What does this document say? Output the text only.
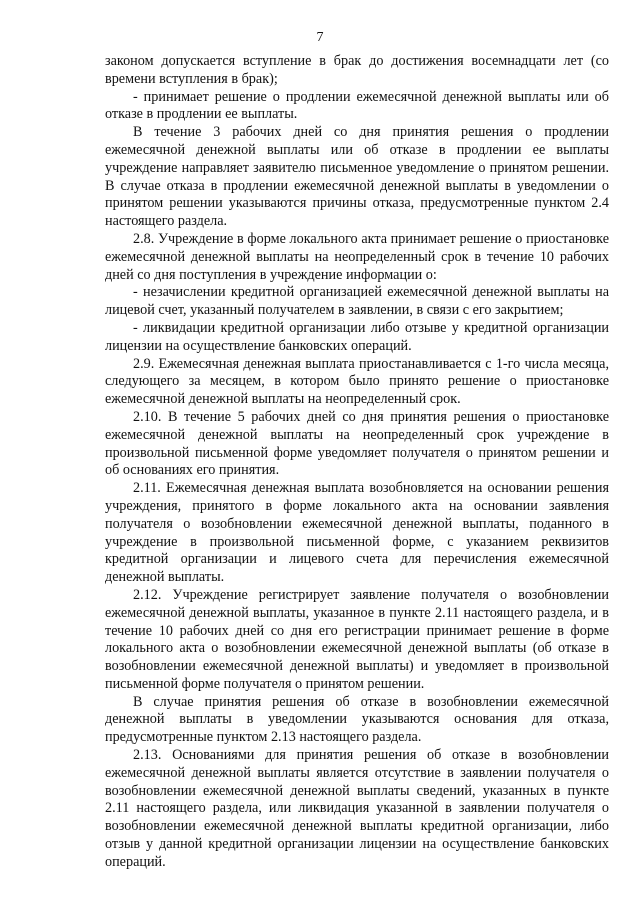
7

законом допускается вступление в брак до достижения восемнадцати лет (со времени вступления в брак);

- принимает решение о продлении ежемесячной денежной выплаты или об отказе в продлении ее выплаты.

В течение 3 рабочих дней со дня принятия решения о продлении ежемесячной денежной выплаты или об отказе в продлении ее выплаты учреждение направляет заявителю письменное уведомление о принятом решении. В случае отказа в продлении ежемесячной денежной выплаты в уведомлении о принятом решении указываются причины отказа, предусмотренные пунктом 2.4 настоящего раздела.

2.8. Учреждение в форме локального акта принимает решение о приостановке ежемесячной денежной выплаты на неопределенный срок в течение 10 рабочих дней со дня поступления в учреждение информации о:

- незачислении кредитной организацией ежемесячной денежной выплаты на лицевой счет, указанный получателем в заявлении, в связи с его закрытием;

- ликвидации кредитной организации либо отзыве у кредитной организации лицензии на осуществление банковских операций.

2.9. Ежемесячная денежная выплата приостанавливается с 1-го числа месяца, следующего за месяцем, в котором было принято решение о приостановке ежемесячной денежной выплаты на неопределенный срок.

2.10. В течение 5 рабочих дней со дня принятия решения о приостановке ежемесячной денежной выплаты на неопределенный срок учреждение в произвольной письменной форме уведомляет получателя о принятом решении и об основаниях его принятия.

2.11. Ежемесячная денежная выплата возобновляется на основании решения учреждения, принятого в форме локального акта на основании заявления получателя о возобновлении ежемесячной денежной выплаты, поданного в учреждение в произвольной письменной форме, с указанием реквизитов кредитной организации и лицевого счета для перечисления ежемесячной денежной выплаты.

2.12. Учреждение регистрирует заявление получателя о возобновлении ежемесячной денежной выплаты, указанное в пункте 2.11 настоящего раздела, и в течение 10 рабочих дней со дня его регистрации принимает решение в форме локального акта о возобновлении ежемесячной денежной выплаты (об отказе в возобновлении ежемесячной денежной выплаты) и уведомляет в произвольной письменной форме получателя о принятом решении.

В случае принятия решения об отказе в возобновлении ежемесячной денежной выплаты в уведомлении указываются основания для отказа, предусмотренные пунктом 2.13 настоящего раздела.

2.13. Основаниями для принятия решения об отказе в возобновлении ежемесячной денежной выплаты является отсутствие в заявлении получателя о возобновлении ежемесячной денежной выплаты сведений, указанных в пункте 2.11 настоящего раздела, или ликвидация указанной в заявлении получателя о возобновлении ежемесячной денежной выплаты кредитной организации, либо отзыв у данной кредитной организации лицензии на осуществление банковских операций.
